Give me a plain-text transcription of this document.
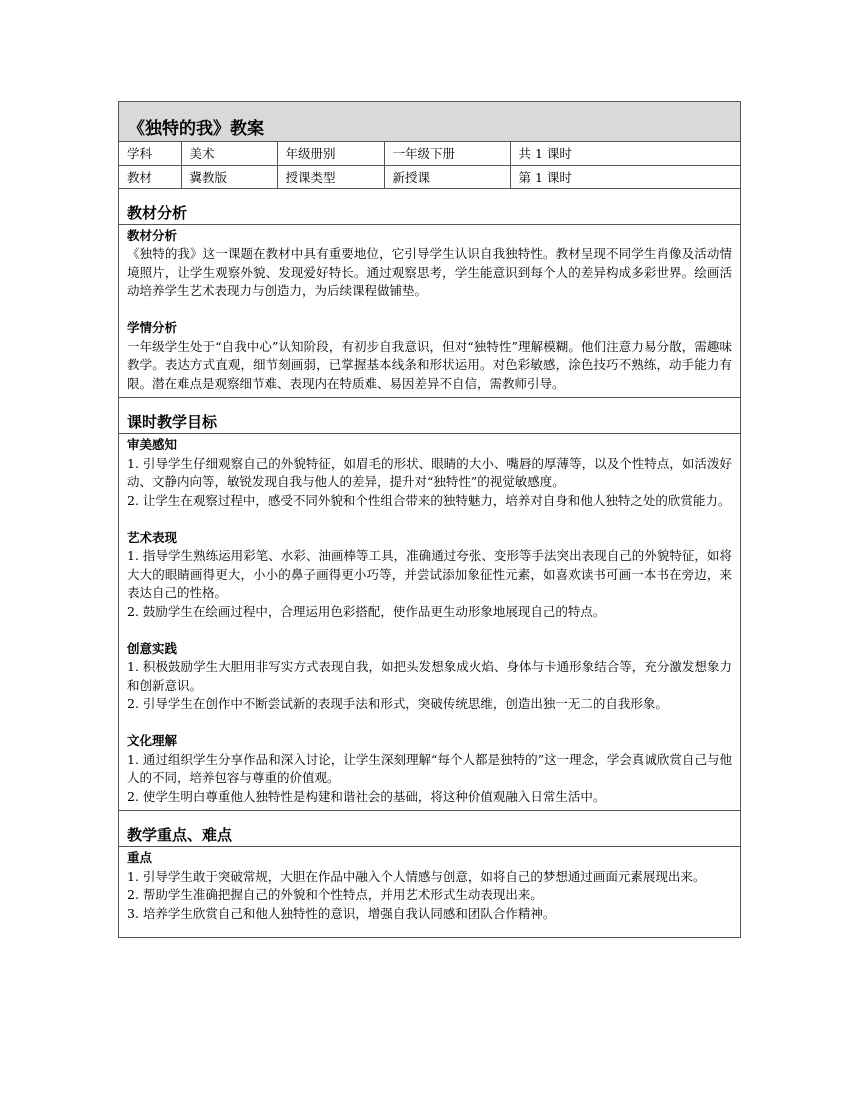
《独特的我》教案
学科	美术	年级册别	一年级下册	共 1 课时
教材	冀教版	授课类型	新授课	第 1 课时
教材分析
教材分析

《独特的我》这一课题在教材中具有重要地位，它引导学生认识自我独特性。教材呈现不同学生肖像及活动情境照片，让学生观察外貌、发现爱好特长。通过观察思考，学生能意识到每个人的差异构成多彩世界。绘画活动培养学生艺术表现力与创造力，为后续课程做铺垫。

学情分析

一年级学生处于“自我中心”认知阶段，有初步自我意识，但对“独特性”理解模糊。他们注意力易分散，需趣味教学。表达方式直观，细节刻画弱，已掌握基本线条和形状运用。对色彩敏感，涂色技巧不熟练，动手能力有限。潜在难点是观察细节难、表现内在特质难、易因差异不自信，需教师引导。

课时教学目标
审美感知

1. 引导学生仔细观察自己的外貌特征，如眉毛的形状、眼睛的大小、嘴唇的厚薄等，以及个性特点，如活泼好动、文静内向等，敏锐发现自我与他人的差异，提升对“独特性”的视觉敏感度。

2. 让学生在观察过程中，感受不同外貌和个性组合带来的独特魅力，培养对自身和他人独特之处的欣赏能力。

艺术表现

1. 指导学生熟练运用彩笔、水彩、油画棒等工具，准确通过夸张、变形等手法突出表现自己的外貌特征，如将大大的眼睛画得更大，小小的鼻子画得更小巧等，并尝试添加象征性元素，如喜欢读书可画一本书在旁边，来表达自己的性格。

2. 鼓励学生在绘画过程中，合理运用色彩搭配，使作品更生动形象地展现自己的特点。

创意实践

1. 积极鼓励学生大胆用非写实方式表现自我，如把头发想象成火焰、身体与卡通形象结合等，充分激发想象力和创新意识。

2. 引导学生在创作中不断尝试新的表现手法和形式，突破传统思维，创造出独一无二的自我形象。

文化理解

1. 通过组织学生分享作品和深入讨论，让学生深刻理解“每个人都是独特的”这一理念，学会真诚欣赏自己与他人的不同，培养包容与尊重的价值观。

2. 使学生明白尊重他人独特性是构建和谐社会的基础，将这种价值观融入日常生活中。

教学重点、难点
重点

1. 引导学生敢于突破常规，大胆在作品中融入个人情感与创意，如将自己的梦想通过画面元素展现出来。

2. 帮助学生准确把握自己的外貌和个性特点，并用艺术形式生动表现出来。

3. 培养学生欣赏自己和他人独特性的意识，增强自我认同感和团队合作精神。
